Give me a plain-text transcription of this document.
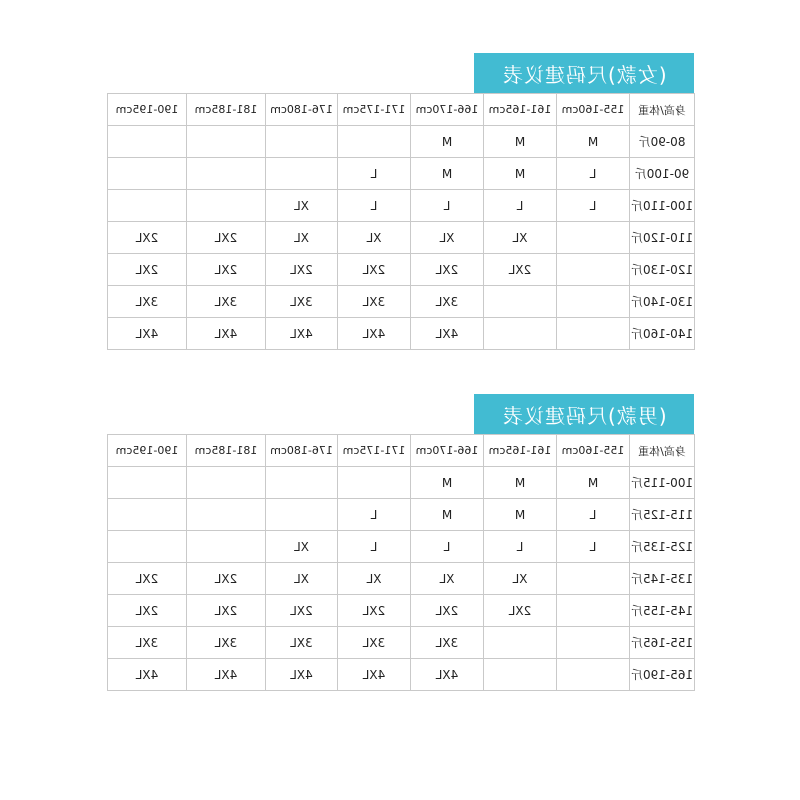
(女款)尺码建议表
身高/体重	155-160cm	161-165cm	166-170cm	171-175cm	176-180cm	181-185cm	190-195cm
80-90斤	M	M	M				
90-100斤	L	M	M	L			
100-110斤	L	L	L	L	XL		
110-120斤		XL	XL	XL	XL	2XL	2XL
120-130斤		2XL	2XL	2XL	2XL	2XL	2XL
130-140斤			3XL	3XL	3XL	3XL	3XL
140-160斤			4XL	4XL	4XL	4XL	4XL
(男款)尺码建议表
身高/体重	155-160cm	161-165cm	166-170cm	171-175cm	176-180cm	181-185cm	190-195cm
100-115斤	M	M	M				
115-125斤	L	M	M	L			
125-135斤	L	L	L	L	XL		
135-145斤		XL	XL	XL	XL	2XL	2XL
145-155斤		2XL	2XL	2XL	2XL	2XL	2XL
155-165斤			3XL	3XL	3XL	3XL	3XL
165-190斤			4XL	4XL	4XL	4XL	4XL
